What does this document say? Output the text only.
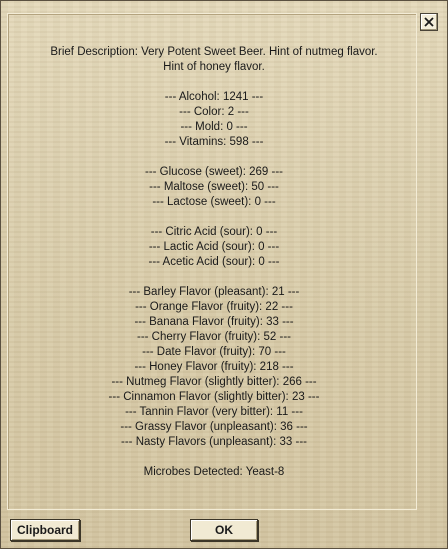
Brief Description: Very Potent Sweet Beer. Hint of nutmeg flavor.
Hint of honey flavor.
--- Alcohol: 1241 ---
--- Color: 2 ---
--- Mold: 0 ---
--- Vitamins: 598 ---
--- Glucose (sweet): 269 ---
--- Maltose (sweet): 50 ---
--- Lactose (sweet): 0 ---
--- Citric Acid (sour): 0 ---
--- Lactic Acid (sour): 0 ---
--- Acetic Acid (sour): 0 ---
--- Barley Flavor (pleasant): 21 ---
--- Orange Flavor (fruity): 22 ---
--- Banana Flavor (fruity): 33 ---
--- Cherry Flavor (fruity): 52 ---
--- Date Flavor (fruity): 70 ---
--- Honey Flavor (fruity): 218 ---
--- Nutmeg Flavor (slightly bitter): 266 ---
--- Cinnamon Flavor (slightly bitter): 23 ---
--- Tannin Flavor (very bitter): 11 ---
--- Grassy Flavor (unpleasant): 36 ---
--- Nasty Flavors (unpleasant): 33 ---
Microbes Detected: Yeast-8
Clipboard	OK
